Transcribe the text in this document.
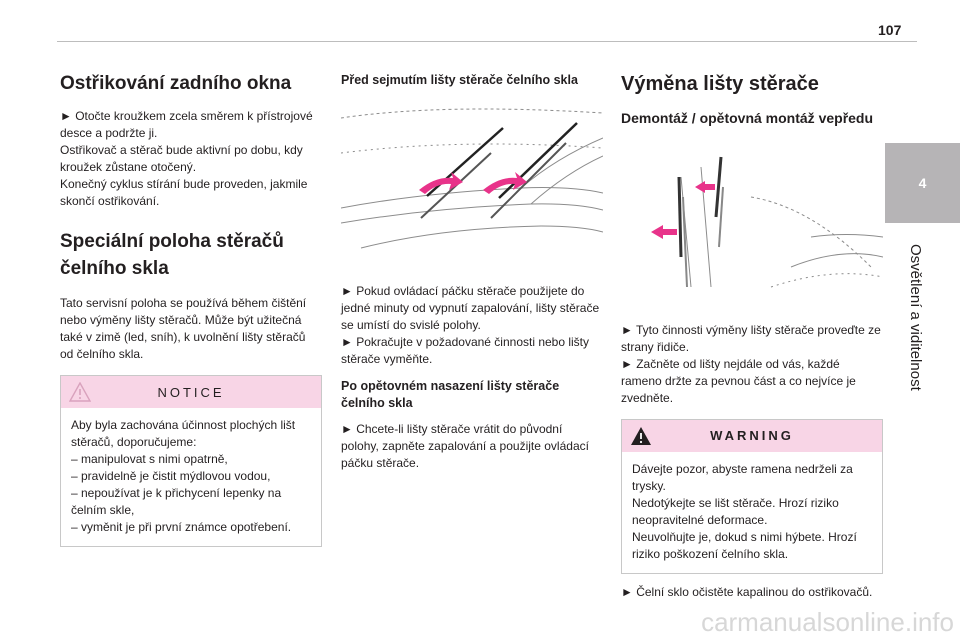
107
4
Osvětlení a viditelnost
Ostřikování zadního okna

► Otočte kroužkem zcela směrem k přístrojové desce a podržte ji.
Ostřikovač a stěrač bude aktivní po dobu, kdy kroužek zůstane otočený.
Konečný cyklus stírání bude proveden, jakmile skončí ostřikování.

Speciální poloha stěračů čelního skla

Tato servisní poloha se používá během čištění nebo výměny lišty stěračů. Může být užitečná také v zimě (led, sníh), k uvolnění lišty stěračů od čelního skla.

NOTICE

Aby byla zachována účinnost plochých lišt stěračů, doporučujeme:
– manipulovat s nimi opatrně,
– pravidelně je čistit mýdlovou vodou,
– nepoužívat je k přichycení lepenky na čelním skle,
– vyměnit je při první známce opotřebení.

Před sejmutím lišty stěrače čelního skla

► Pokud ovládací páčku stěrače použijete do jedné minuty od vypnutí zapalování, lišty stěrače se umístí do svislé polohy.
► Pokračujte v požadované činnosti nebo lišty stěrače vyměňte.

Po opětovném nasazení lišty stěrače čelního skla

► Chcete-li lišty stěrače vrátit do původní polohy, zapněte zapalování a použijte ovládací páčku stěrače.

Výměna lišty stěrače
Demontáž / opětovná montáž vepředu

► Tyto činnosti výměny lišty stěrače proveďte ze strany řidiče.
► Začněte od lišty nejdále od vás, každé rameno držte za pevnou část a co nejvíce je zvedněte.

WARNING

Dávejte pozor, abyste ramena nedrželi za trysky.
Nedotýkejte se lišt stěrače. Hrozí riziko neopravitelné deformace.
Neuvolňujte je, dokud s nimi hýbete. Hrozí riziko poškození čelního skla.

► Čelní sklo očistěte kapalinou do ostřikovačů.

carmanualsonline.info
